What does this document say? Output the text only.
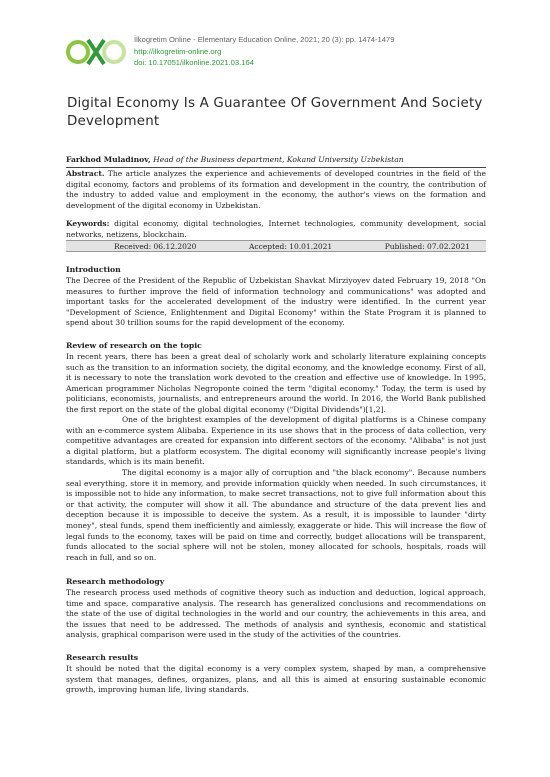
İlkogretim Online - Elementary Education Online, 2021; 20 (3): pp. 1474-1479
http://ilkogretim-online.org
doi: 10.17051/ilkonline.2021.03.164
Digital Economy Is A Guarantee Of Government And Society Development
Farkhod Muladinov, Head of the Business department, Kokand University Uzbekistan

Abstract. The article analyzes the experience and achievements of developed countries in the field of the digital economy, factors and problems of its formation and development in the country, the contribution of the industry to added value and employment in the economy, the author's views on the formation and development of the digital economy in Uzbekistan.

Keywords: digital economy, digital technologies, Internet technologies, community development, social networks, netizens, blockchain.

Received: 06.12.2020	Accepted: 10.01.2021	Published: 07.02.2021
Introduction

The Decree of the President of the Republic of Uzbekistan Shavkat Mirziyoyev dated February 19, 2018 "On measures to further improve the field of information technology and communications" was adopted and important tasks for the accelerated development of the industry were identified. In the current year "Development of Science, Enlightenment and Digital Economy" within the State Program it is planned to spend about 30 trillion soums for the rapid development of the economy.

Review of research on the topic

In recent years, there has been a great deal of scholarly work and scholarly literature explaining concepts such as the transition to an information society, the digital economy, and the knowledge economy. First of all, it is necessary to note the translation work devoted to the creation and effective use of knowledge. In 1995, American programmer Nicholas Negroponte coined the term "digital economy." Today, the term is used by politicians, economists, journalists, and entrepreneurs around the world. In 2016, the World Bank published the first report on the state of the global digital economy ("Digital Dividends")[1,2].

One of the brightest examples of the development of digital platforms is a Chinese company with an e-commerce system Alibaba. Experience in its use shows that in the process of data collection, very competitive advantages are created for expansion into different sectors of the economy. "Alibaba" is not just a digital platform, but a platform ecosystem. The digital economy will significantly increase people's living standards, which is its main benefit.

The digital economy is a major ally of corruption and "the black economy". Because numbers seal everything, store it in memory, and provide information quickly when needed. In such circumstances, it is impossible not to hide any information, to make secret transactions, not to give full information about this or that activity, the computer will show it all. The abundance and structure of the data prevent lies and deception because it is impossible to deceive the system. As a result, it is impossible to launder "dirty money", steal funds, spend them inefficiently and aimlessly, exaggerate or hide. This will increase the flow of legal funds to the economy, taxes will be paid on time and correctly, budget allocations will be transparent, funds allocated to the social sphere will not be stolen, money allocated for schools, hospitals, roads will reach in full, and so on.

Research methodology

The research process used methods of cognitive theory such as induction and deduction, logical approach, time and space, comparative analysis. The research has generalized conclusions and recommendations on the state of the use of digital technologies in the world and our country, the achievements in this area, and the issues that need to be addressed. The methods of analysis and synthesis, economic and statistical analysis, graphical comparison were used in the study of the activities of the countries.

Research results

It should be noted that the digital economy is a very complex system, shaped by man, a comprehensive system that manages, defines, organizes, plans, and all this is aimed at ensuring sustainable economic growth, improving human life, living standards.
